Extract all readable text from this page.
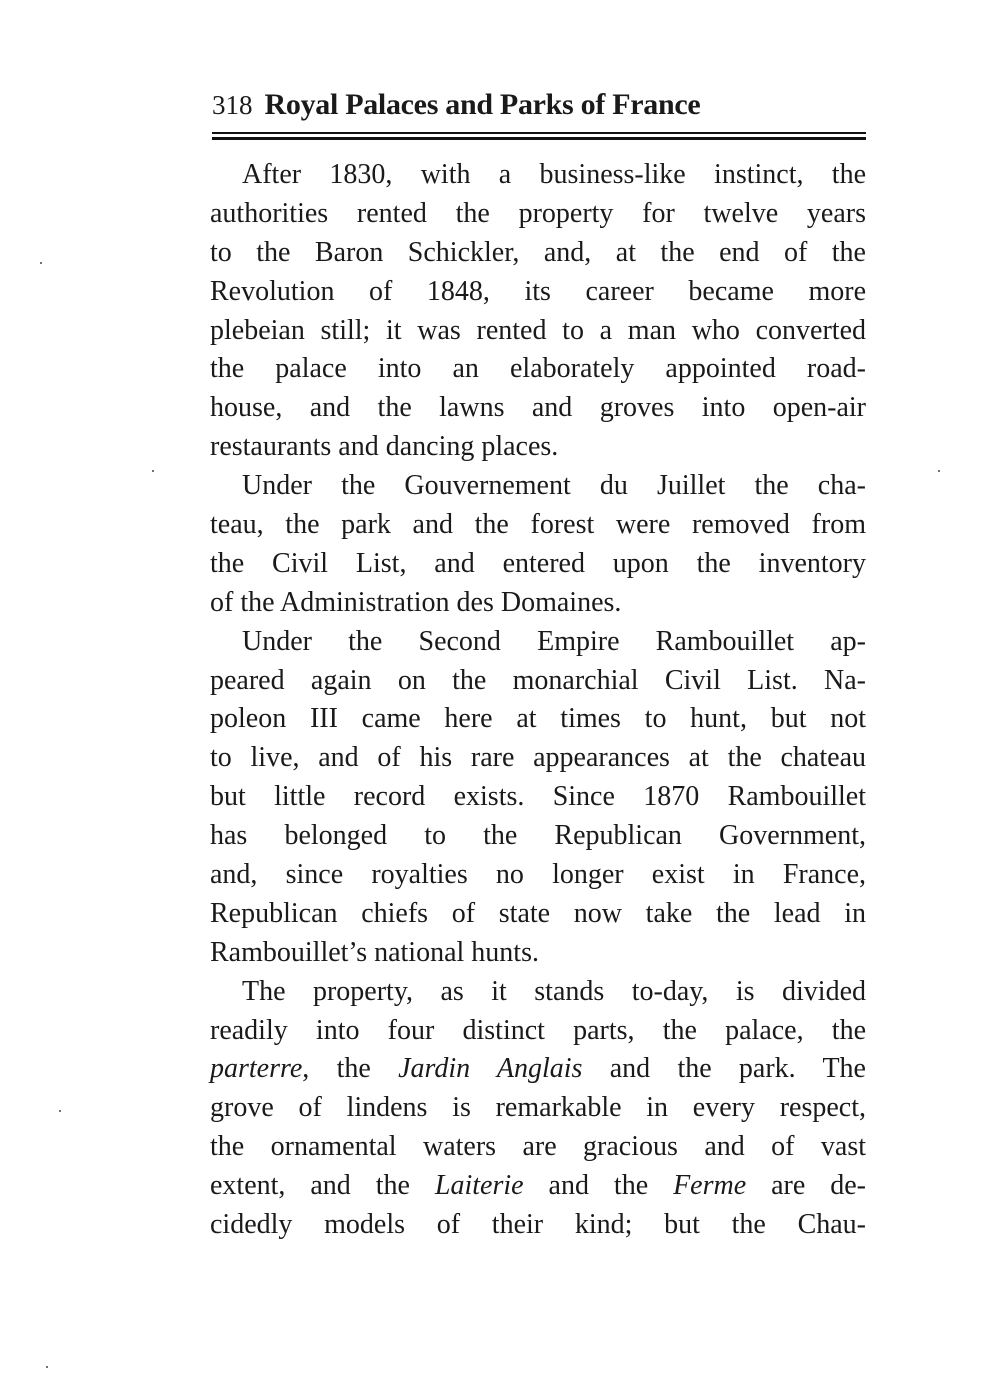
318 Royal Palaces and Parks of France
After 1830, with a business-like instinct, the
authorities rented the property for twelve years
to the Baron Schickler, and, at the end of the
Revolution of 1848, its career became more
plebeian still; it was rented to a man who converted
the palace into an elaborately appointed road-
house, and the lawns and groves into open-air
restaurants and dancing places.
Under the Gouvernement du Juillet the cha-
teau, the park and the forest were removed from
the Civil List, and entered upon the inventory
of the Administration des Domaines.
Under the Second Empire Rambouillet ap-
peared again on the monarchial Civil List. Na-
poleon III came here at times to hunt, but not
to live, and of his rare appearances at the chateau
but little record exists. Since 1870 Rambouillet
has belonged to the Republican Government,
and, since royalties no longer exist in France,
Republican chiefs of state now take the lead in
Rambouillet’s national hunts.
The property, as it stands to-day, is divided
readily into four distinct parts, the palace, the
parterre, the Jardin Anglais and the park. The
grove of lindens is remarkable in every respect,
the ornamental waters are gracious and of vast
extent, and the Laiterie and the Ferme are de-
cidedly models of their kind; but the Chau-
